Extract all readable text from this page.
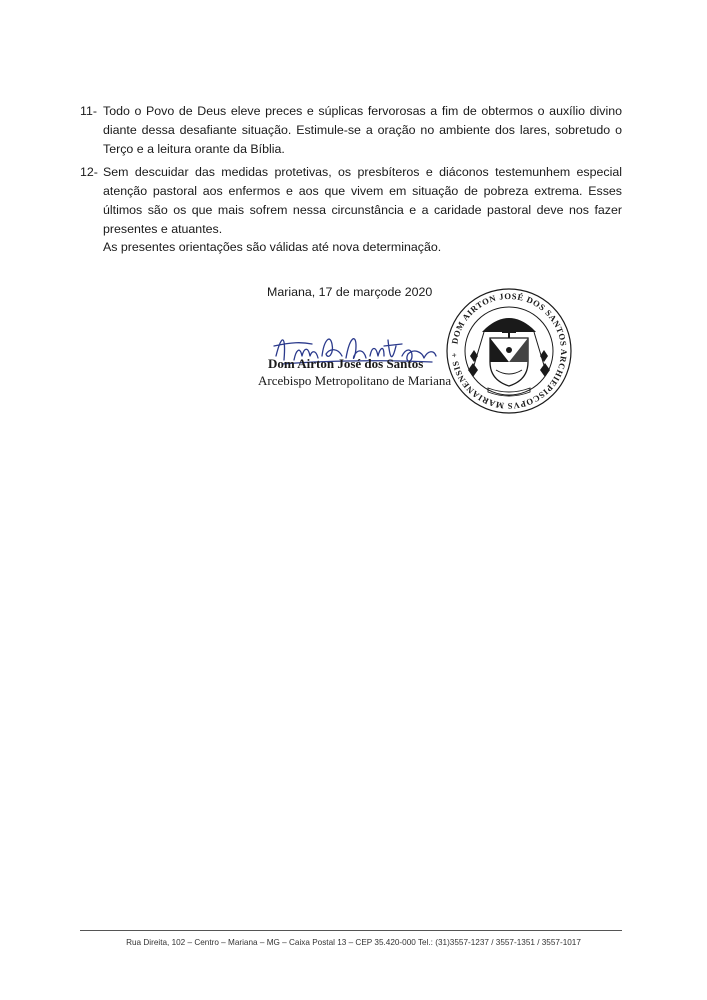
11- Todo o Povo de Deus eleve preces e súplicas fervorosas a fim de obtermos o auxílio divino diante dessa desafiante situação. Estimule-se a oração no ambiente dos lares, sobretudo o Terço e a leitura orante da Bíblia.
12- Sem descuidar das medidas protetivas, os presbíteros e diáconos testemunhem especial atenção pastoral aos enfermos e aos que vivem em situação de pobreza extrema. Esses últimos são os que mais sofrem nessa circunstância e a caridade pastoral deve nos fazer presentes e atuantes.
As presentes orientações são válidas até nova determinação.
Mariana, 17 de marçode 2020
DOM AIRTON JOSÉ DOS SANTOS ARCHIEPISCOPVS MARIANENSIS +
Dom Airton José dos Santos
Arcebispo Metropolitano de Mariana
Rua Direita, 102 – Centro – Mariana – MG – Caixa Postal 13 – CEP 35.420-000 Tel.: (31)3557-1237 / 3557-1351 / 3557-1017
